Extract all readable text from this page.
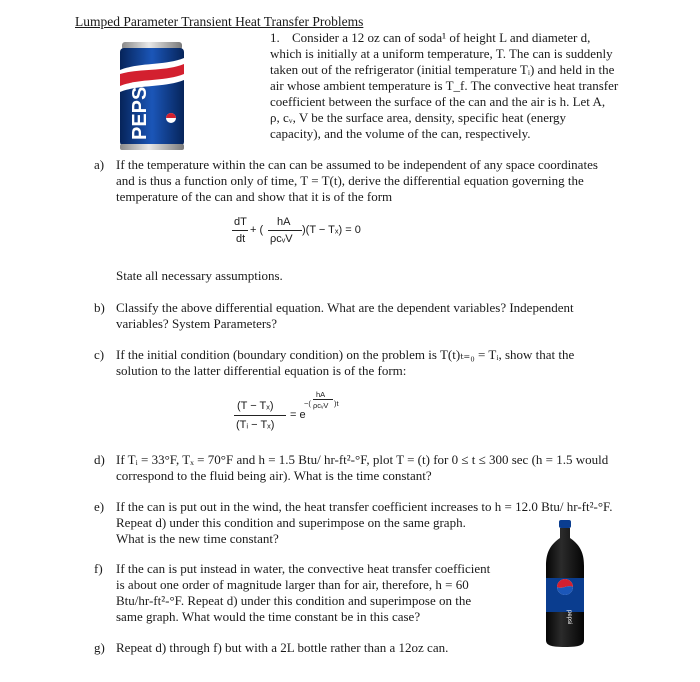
Lumped Parameter Transient Heat Transfer Problems
PEPSI
1. Consider a 12 oz can of soda¹ of height L and diameter d,
which is initially at a uniform temperature, T. The can is suddenly
taken out of the refrigerator (initial temperature Tᵢ) and held in the
air whose ambient temperature is T_f. The convective heat transfer
coefficient between the surface of the can and the air is h. Let A,
ρ, cᵥ, V be the surface area, density, specific heat (energy
capacity), and the volume of the can, respectively.
a) If the temperature within the can can be assumed to be independent of any space coordinates
and is thus a function only of time, T = T(t), derive the differential equation governing the
temperature of the can and show that it is of the form
dT
dt
+ (
hA
ρcᵥV
)(T − Tₓ) = 0
State all necessary assumptions.
b) Classify the above differential equation. What are the dependent variables? Independent
variables? System Parameters?
c) If the initial condition (boundary condition) on the problem is T(t)ₜ₌₀ = Tᵢ, show that the
solution to the latter differential equation is of the form:
(T − Tₓ)
(Tᵢ − Tₓ)
= e
−(
hA
ρcᵥV )t
d) If Tᵢ = 33°F, Tₓ = 70°F and h = 1.5 Btu/ hr-ft²-°F, plot T = (t) for 0 ≤ t ≤ 300 sec (h = 1.5 would
correspond to the fluid being air). What is the time constant?
e) If the can is put out in the wind, the heat transfer coefficient increases to h = 12.0 Btu/ hr-ft²-°F.
Repeat d) under this condition and superimpose on the same graph.
What is the new time constant?
f) If the can is put instead in water, the convective heat transfer coefficient
is about one order of magnitude larger than for air, therefore, h = 60
Btu/hr-ft²-°F. Repeat d) under this condition and superimpose on the
same graph. What would the time constant be in this case?	pepsi
g) Repeat d) through f) but with a 2L bottle rather than a 12oz can.
